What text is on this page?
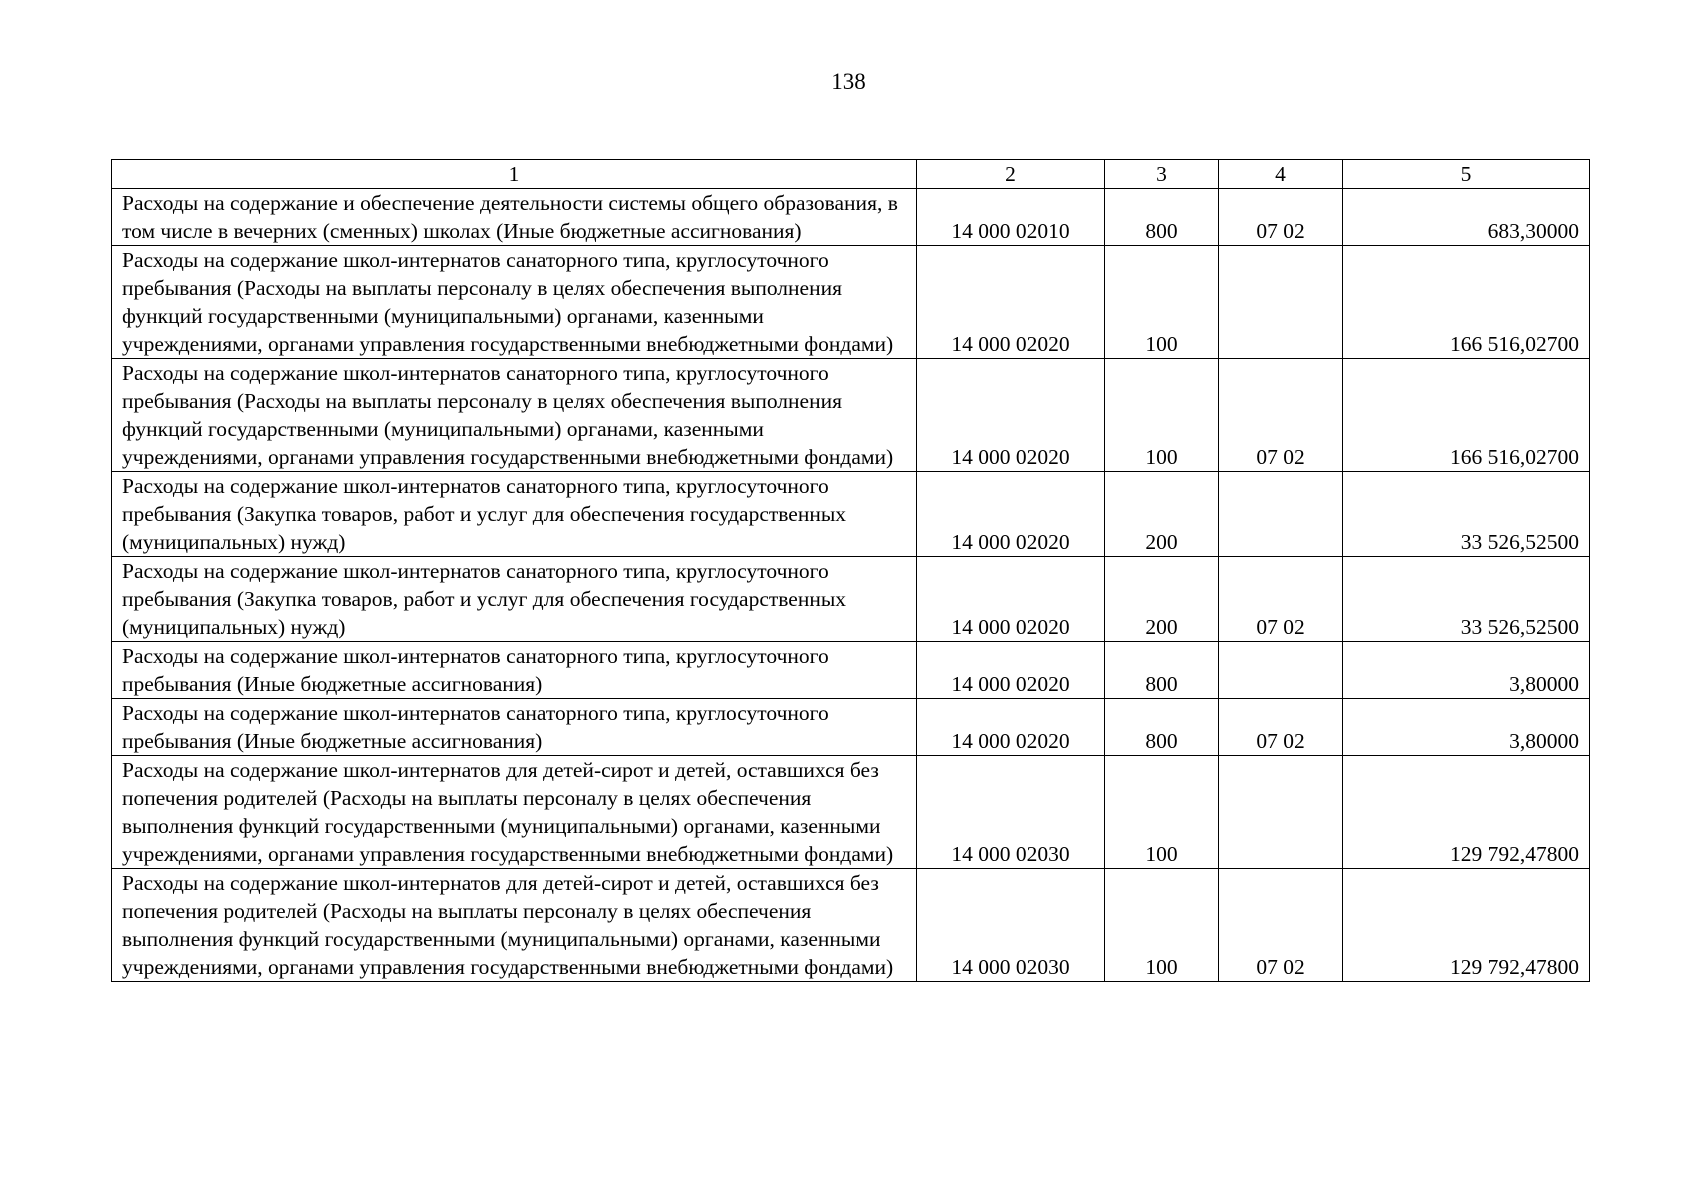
138
1	2	3	4	5
Расходы на содержание и обеспечение деятельности системы общего образования, в том числе в вечерних (сменных) школах (Иные бюджетные ассигнования)	14 000 02010	800	07 02	683,30000
Расходы на содержание школ-интернатов санаторного типа, круглосуточного пребывания (Расходы на выплаты персоналу в целях обеспечения выполнения функций государственными (муниципальными) органами, казенными учреждениями, органами управления государственными внебюджетными фондами)	14 000 02020	100		166 516,02700
Расходы на содержание школ-интернатов санаторного типа, круглосуточного пребывания (Расходы на выплаты персоналу в целях обеспечения выполнения функций государственными (муниципальными) органами, казенными учреждениями, органами управления государственными внебюджетными фондами)	14 000 02020	100	07 02	166 516,02700
Расходы на содержание школ-интернатов санаторного типа, круглосуточного пребывания (Закупка товаров, работ и услуг для обеспечения государственных (муниципальных) нужд)	14 000 02020	200		33 526,52500
Расходы на содержание школ-интернатов санаторного типа, круглосуточного пребывания (Закупка товаров, работ и услуг для обеспечения государственных (муниципальных) нужд)	14 000 02020	200	07 02	33 526,52500
Расходы на содержание школ-интернатов санаторного типа, круглосуточного пребывания (Иные бюджетные ассигнования)	14 000 02020	800		3,80000
Расходы на содержание школ-интернатов санаторного типа, круглосуточного пребывания (Иные бюджетные ассигнования)	14 000 02020	800	07 02	3,80000
Расходы на содержание школ-интернатов для детей-сирот и детей, оставшихся без попечения родителей (Расходы на выплаты персоналу в целях обеспечения выполнения функций государственными (муниципальными) органами, казенными учреждениями, органами управления государственными внебюджетными фондами)	14 000 02030	100		129 792,47800
Расходы на содержание школ-интернатов для детей-сирот и детей, оставшихся без попечения родителей (Расходы на выплаты персоналу в целях обеспечения выполнения функций государственными (муниципальными) органами, казенными учреждениями, органами управления государственными внебюджетными фондами)	14 000 02030	100	07 02	129 792,47800
